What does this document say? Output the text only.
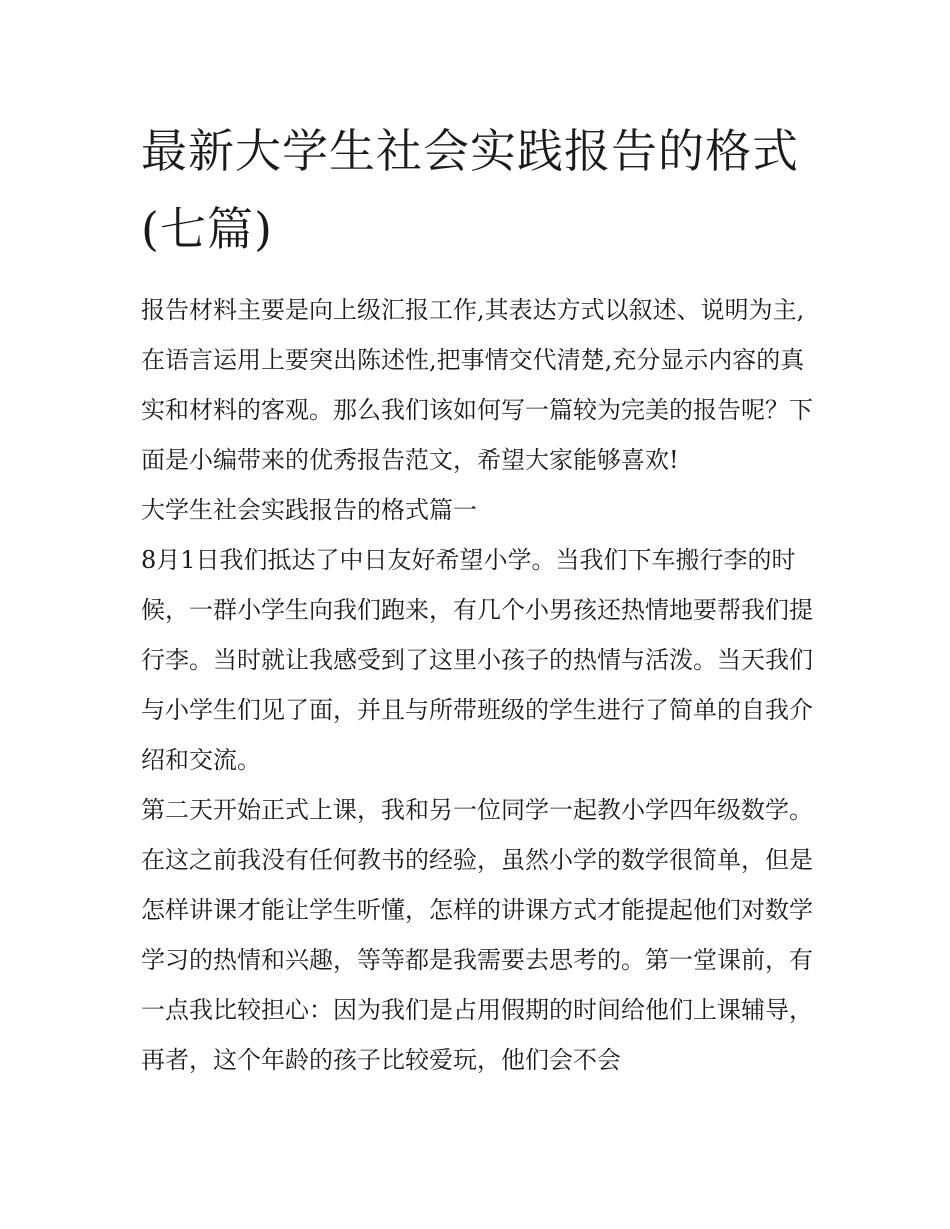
最新大学生社会实践报告的格式(七篇)

报告材料主要是向上级汇报工作,其表达方式以叙述、说明为主,在语言运用上要突出陈述性,把事情交代清楚,充分显示内容的真实和材料的客观。那么我们该如何写一篇较为完美的报告呢？下面是小编带来的优秀报告范文，希望大家能够喜欢!

大学生社会实践报告的格式篇一

8月1日我们抵达了中日友好希望小学。当我们下车搬行李的时候，一群小学生向我们跑来，有几个小男孩还热情地要帮我们提行李。当时就让我感受到了这里小孩子的热情与活泼。当天我们与小学生们见了面，并且与所带班级的学生进行了简单的自我介绍和交流。

第二天开始正式上课，我和另一位同学一起教小学四年级数学。在这之前我没有任何教书的经验，虽然小学的数学很简单，但是怎样讲课才能让学生听懂，怎样的讲课方式才能提起他们对数学学习的热情和兴趣，等等都是我需要去思考的。第一堂课前，有一点我比较担心：因为我们是占用假期的时间给他们上课辅导，再者，这个年龄的孩子比较爱玩，他们会不会
